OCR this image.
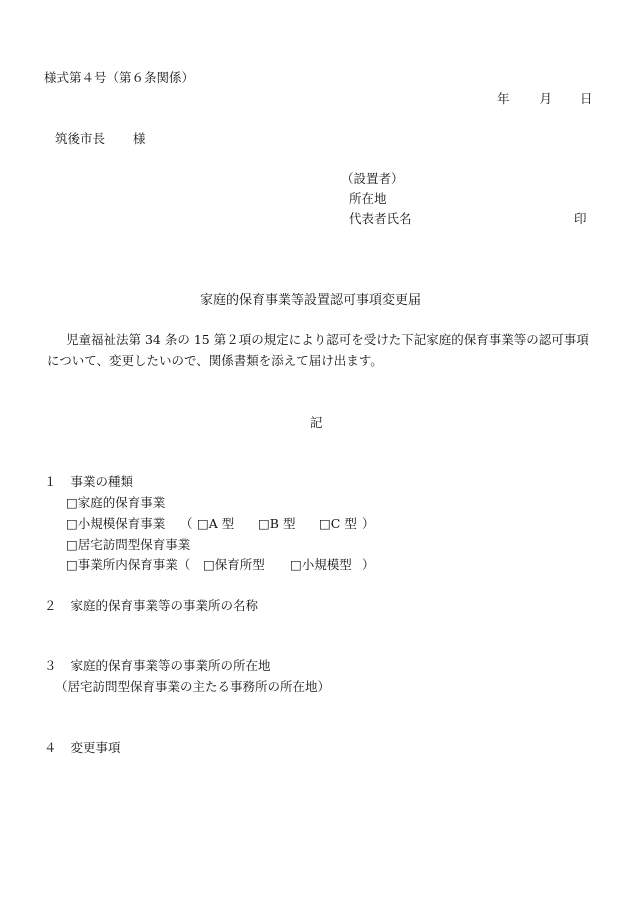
様式第４号（第６条関係）
年 月 日
筑後市長 様
（設置者）
所在地
代表者氏名	印
家庭的保育事業等設置認可事項変更届
児童福祉法第 34 条の 15 第２項の規定により認可を受けた下記家庭的保育事業等の認可事項
について、変更したいので、関係書類を添えて届け出ます。
記
１ 事業の種類
□家庭的保育事業
□小規模保育事業 （ □A 型 □B 型 □C 型 ）
□居宅訪問型保育事業
□事業所内保育事業（ □保育所型 □小規模型 ）
２ 家庭的保育事業等の事業所の名称
３ 家庭的保育事業等の事業所の所在地
（居宅訪問型保育事業の主たる事務所の所在地）
４ 変更事項
